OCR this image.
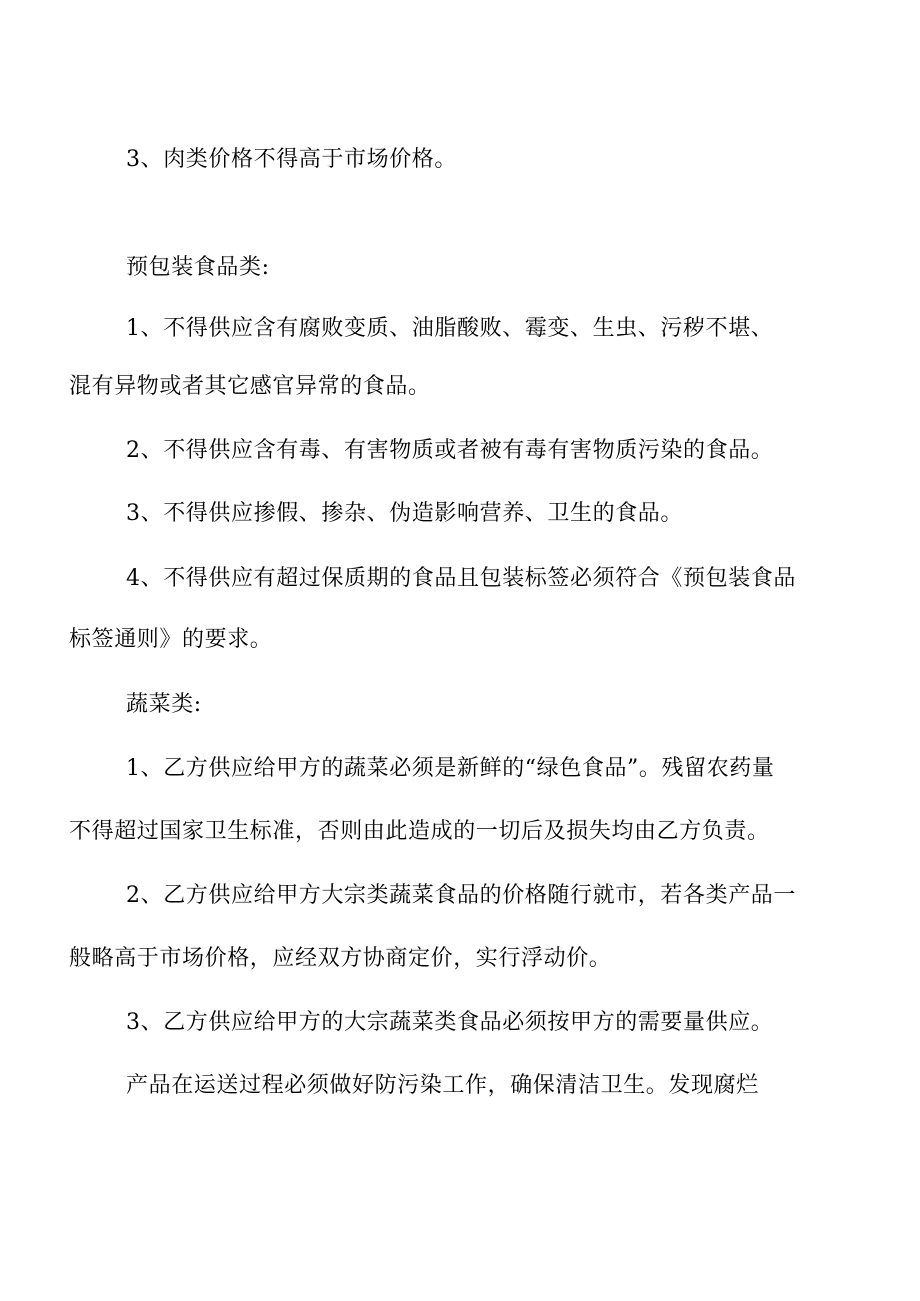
3、肉类价格不得高于市场价格。
预包装食品类:
1、不得供应含有腐败变质、油脂酸败、霉变、生虫、污秽不堪、
混有异物或者其它感官异常的食品。
2、不得供应含有毒、有害物质或者被有毒有害物质污染的食品。
3、不得供应掺假、掺杂、伪造影响营养、卫生的食品。
4、不得供应有超过保质期的食品且包装标签必须符合《预包装食品
标签通则》的要求。
蔬菜类:
1、乙方供应给甲方的蔬菜必须是新鲜的“绿色食品”。残留农药量
不得超过国家卫生标准，否则由此造成的一切后及损失均由乙方负责。
2、乙方供应给甲方大宗类蔬菜食品的价格随行就市，若各类产品一
般略高于市场价格，应经双方协商定价，实行浮动价。
3、乙方供应给甲方的大宗蔬菜类食品必须按甲方的需要量供应。
产品在运送过程必须做好防污染工作，确保清洁卫生。发现腐烂
